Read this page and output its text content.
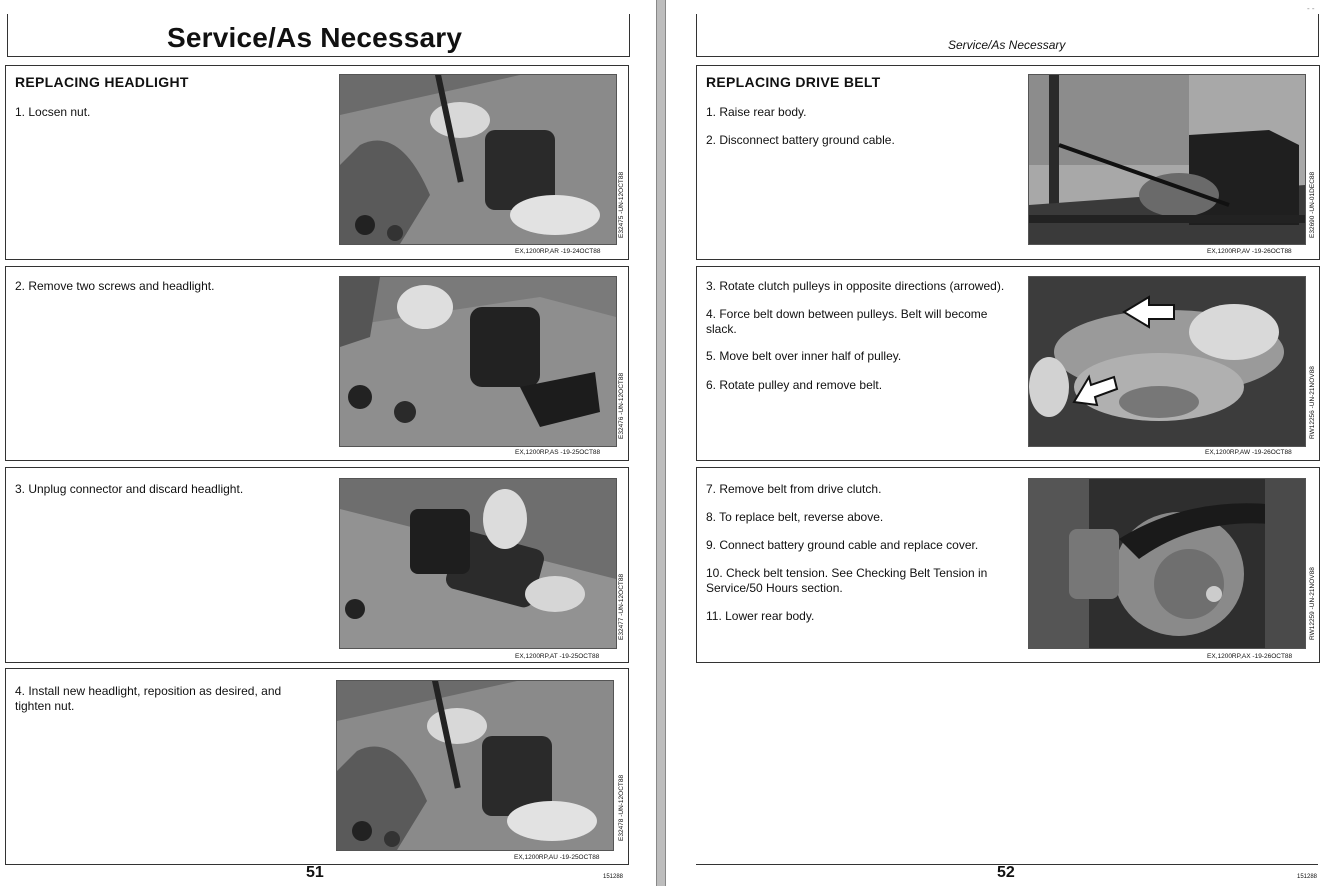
Service/As Necessary
REPLACING HEADLIGHT
1. Locsen nut.
E32475 -UN-12OCT88
EX,1200RP,AR -19-24OCT88
2. Remove two screws and headlight.
E32476 -UN-12OCT88
EX,1200RP,AS -19-25OCT88
3. Unplug connector and discard headlight.
E32477 -UN-12OCT88
EX,1200RP,AT -19-25OCT88
4. Install new headlight, reposition as desired, and tighten nut.
E32478 -UN-12OCT88
EX,1200RP,AU -19-25OCT88
51	151288
Service/As Necessary
- -
REPLACING DRIVE BELT
1. Raise rear body.
2. Disconnect battery ground cable.
E32690 -UN-01DEC88
EX,1200RP,AV -19-26OCT88
3. Rotate clutch pulleys in opposite directions (arrowed).
4. Force belt down between pulleys. Belt will become slack.
5. Move belt over inner half of pulley.
6. Rotate pulley and remove belt.	RW12256 -UN-21NOV88
EX,1200RP,AW -19-26OCT88
7. Remove belt from drive clutch.
8. To replace belt, reverse above.
9. Connect battery ground cable and replace cover.
10. Check belt tension. See Checking Belt Tension in Service/50 Hours section.
11. Lower rear body.	RW12259 -UN-21NOV88
EX,1200RP,AX -19-26OCT88
52	151288
